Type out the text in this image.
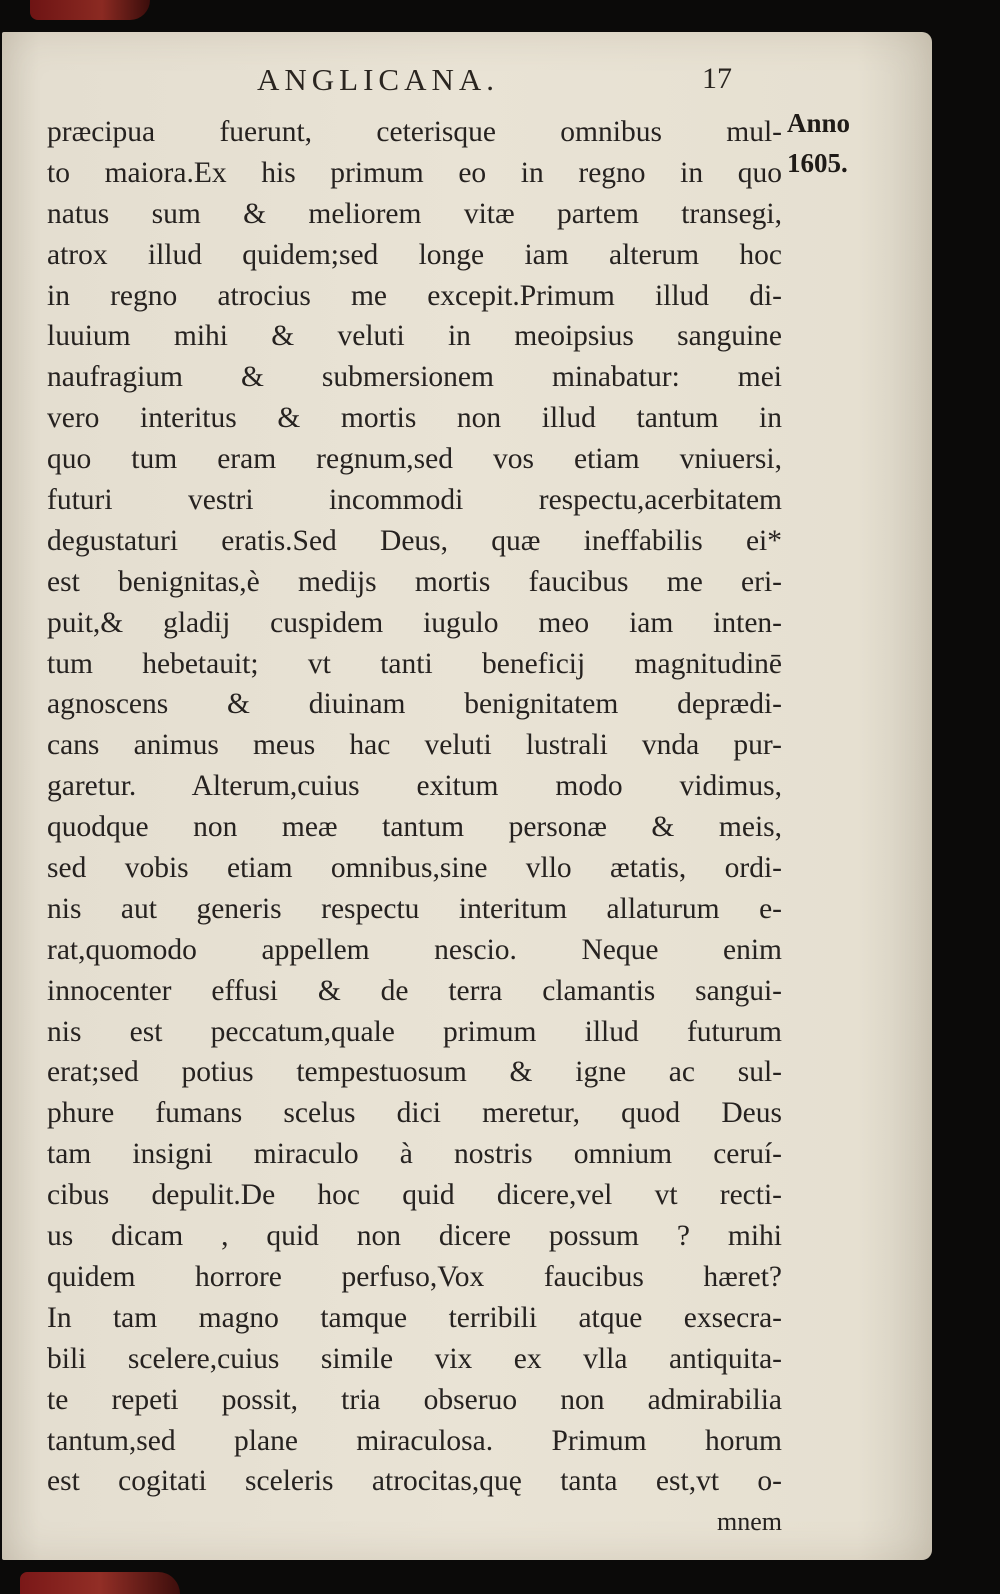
ANGLICANA.	17
Anno
1605.
præcipua fuerunt, ceterisque omnibus mul-
to maiora.Ex his primum eo in regno in quo
natus sum & meliorem vitæ partem transegi,
atrox illud quidem;sed longe iam alterum hoc
in regno atrocius me excepit.Primum illud di-
luuium mihi & veluti in meoipsius sanguine
naufragium & submersionem minabatur: mei
vero interitus & mortis non illud tantum in
quo tum eram regnum,sed vos etiam vniuersi,
futuri vestri incommodi respectu,acerbitatem
degustaturi eratis.Sed Deus, quæ ineffabilis ei*
est benignitas,è medijs mortis faucibus me eri-
puit,& gladij cuspidem iugulo meo iam inten-
tum hebetauit; vt tanti beneficij magnitudinē
agnoscens & diuinam benignitatem deprædi-
cans animus meus hac veluti lustrali vnda pur-
garetur. Alterum,cuius exitum modo vidimus,
quodque non meæ tantum personæ & meis,
sed vobis etiam omnibus,sine vllo ætatis, ordi-
nis aut generis respectu interitum allaturum e-
rat,quomodo appellem nescio. Neque enim
innocenter effusi & de terra clamantis sangui-
nis est peccatum,quale primum illud futurum
erat;sed potius tempestuosum & igne ac sul-
phure fumans scelus dici meretur, quod Deus
tam insigni miraculo à nostris omnium ceruí-
cibus depulit.De hoc quid dicere,vel vt recti-
us dicam , quid non dicere possum ? mihi
quidem horrore perfuso,Vox faucibus hæret?
In tam magno tamque terribili atque exsecra-
bili scelere,cuius simile vix ex vlla antiquita-
te repeti possit, tria obseruo non admirabilia
tantum,sed plane miraculosa. Primum horum
est cogitati sceleris atrocitas,quę tanta est,vt o-
mnem
